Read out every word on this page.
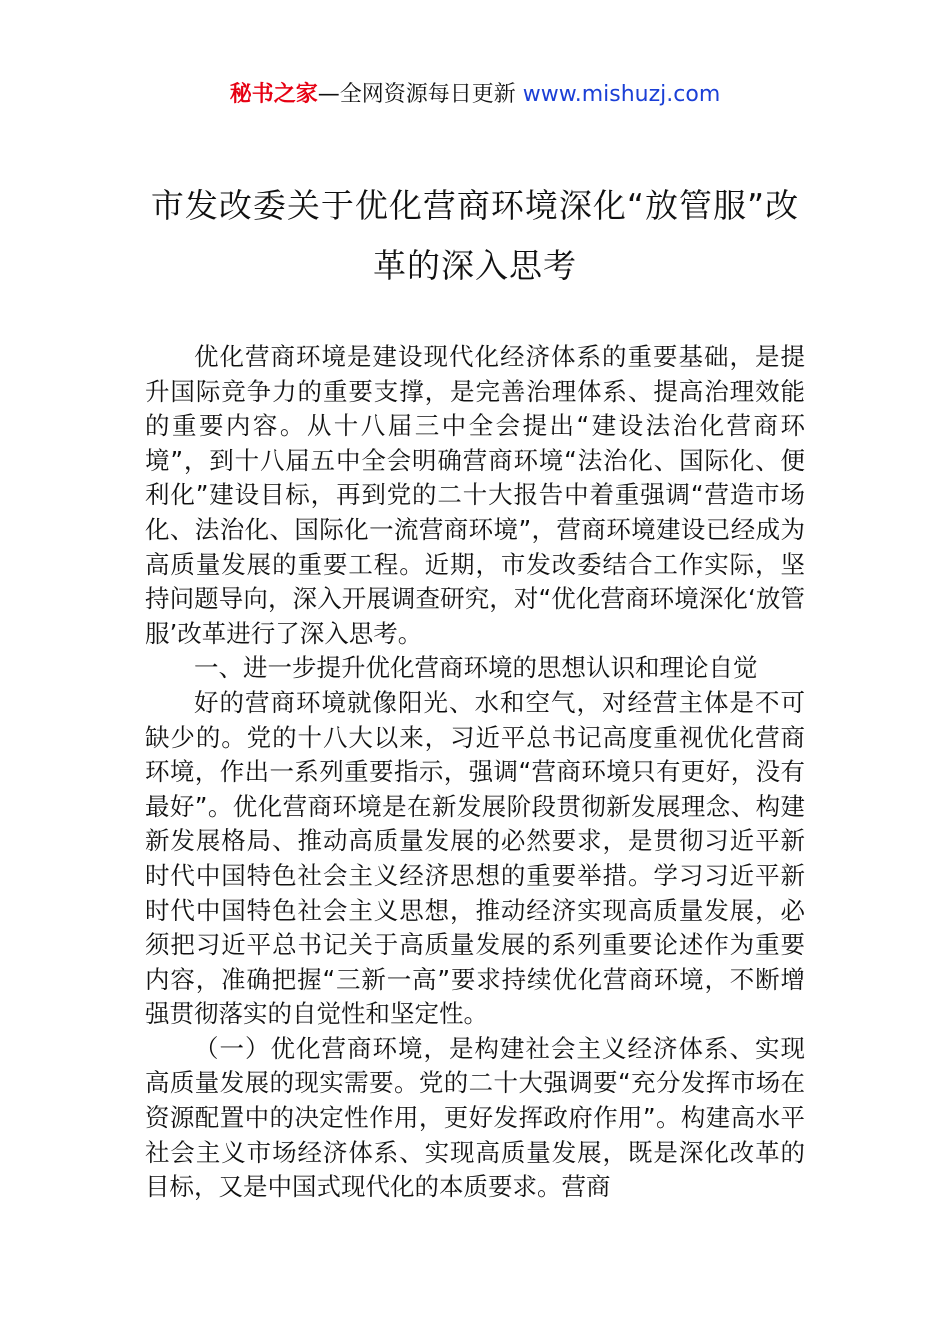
秘书之家—全网资源每日更新 www.mishuzj.com
市发改委关于优化营商环境深化“放管服”改革的深入思考

优化营商环境是建设现代化经济体系的重要基础，是提升国际竞争力的重要支撑，是完善治理体系、提高治理效能的重要内容。从十八届三中全会提出“建设法治化营商环境”，到十八届五中全会明确营商环境“法治化、国际化、便利化”建设目标，再到党的二十大报告中着重强调“营造市场化、法治化、国际化一流营商环境”，营商环境建设已经成为高质量发展的重要工程。近期，市发改委结合工作实际，坚持问题导向，深入开展调查研究，对“优化营商环境深化‘放管服’改革进行了深入思考。

一、进一步提升优化营商环境的思想认识和理论自觉

好的营商环境就像阳光、水和空气，对经营主体是不可缺少的。党的十八大以来，习近平总书记高度重视优化营商环境，作出一系列重要指示，强调“营商环境只有更好，没有最好”。优化营商环境是在新发展阶段贯彻新发展理念、构建新发展格局、推动高质量发展的必然要求，是贯彻习近平新时代中国特色社会主义经济思想的重要举措。学习习近平新时代中国特色社会主义思想，推动经济实现高质量发展，必须把习近平总书记关于高质量发展的系列重要论述作为重要内容，准确把握“三新一高”要求持续优化营商环境，不断增强贯彻落实的自觉性和坚定性。

（一）优化营商环境，是构建社会主义经济体系、实现高质量发展的现实需要。党的二十大强调要“充分发挥市场在资源配置中的决定性作用，更好发挥政府作用”。构建高水平社会主义市场经济体系、实现高质量发展，既是深化改革的目标，又是中国式现代化的本质要求。营商
